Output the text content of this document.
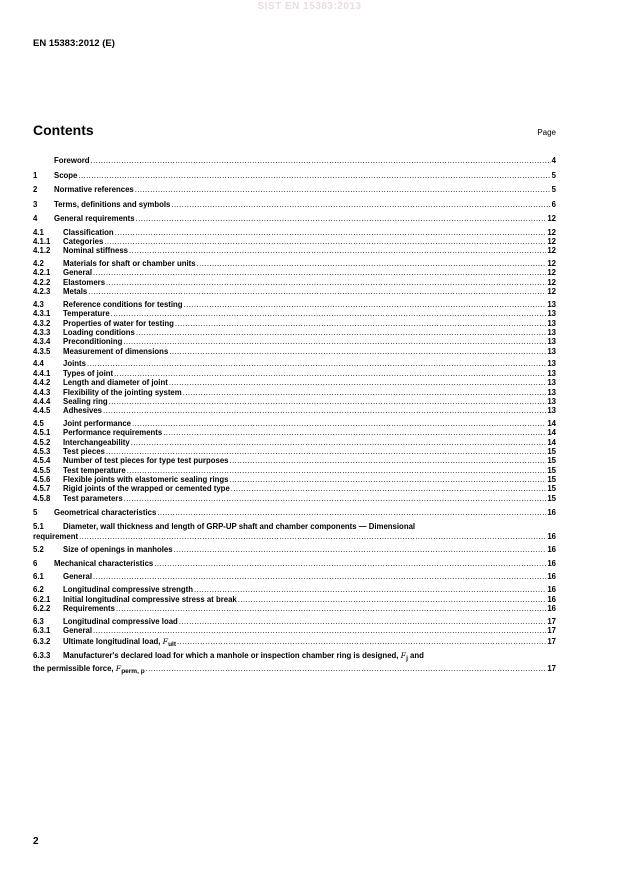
SIST EN 15383:2013
EN 15383:2012 (E)
Contents	Page
Foreword .....	4
1	Scope .....	5
2	Normative references .....	5
3	Terms, definitions and symbols .....	6
4	General requirements .....	12
4.1	Classification .....	12
4.1.1	Categories .....	12
4.1.2	Nominal stiffness .....	12
4.2	Materials for shaft or chamber units .....	12
4.2.1	General .....	12
4.2.2	Elastomers .....	12
4.2.3	Metals .....	12
4.3	Reference conditions for testing .....	13
4.3.1	Temperature .....	13
4.3.2	Properties of water for testing .....	13
4.3.3	Loading conditions .....	13
4.3.4	Preconditioning .....	13
4.3.5	Measurement of dimensions .....	13
4.4	Joints .....	13
4.4.1	Types of joint .....	13
4.4.2	Length and diameter of joint .....	13
4.4.3	Flexibility of the jointing system .....	13
4.4.4	Sealing ring .....	13
4.4.5	Adhesives .....	13
4.5	Joint performance .....	14
4.5.1	Performance requirements .....	14
4.5.2	Interchangeability .....	14
4.5.3	Test pieces .....	15
4.5.4	Number of test pieces for type test purposes .....	15
4.5.5	Test temperature .....	15
4.5.6	Flexible joints with elastomeric sealing rings .....	15
4.5.7	Rigid joints of the wrapped or cemented type .....	15
4.5.8	Test parameters .....	15
5	Geometrical characteristics .....	16
5.1 Diameter, wall thickness and length of GRP-UP shaft and chamber components — Dimensional
requirement .....	16
5.2	Size of openings in manholes .....	16
6	Mechanical characteristics .....	16
6.1	General .....	16
6.2	Longitudinal compressive strength .....	16
6.2.1	Initial longitudinal compressive stress at break .....	16
6.2.2	Requirements .....	16
6.3	Longitudinal compressive load .....	17
6.3.1	General .....	17
6.3.2	Ultimate longitudinal load, $F_{ult}$ .....	17
6.3.3 Manufacturer's declared load for which a manhole or inspection chamber ring is designed, $F_j$ and
the permissible force, $F_{perm, p}$ .....	17
2
